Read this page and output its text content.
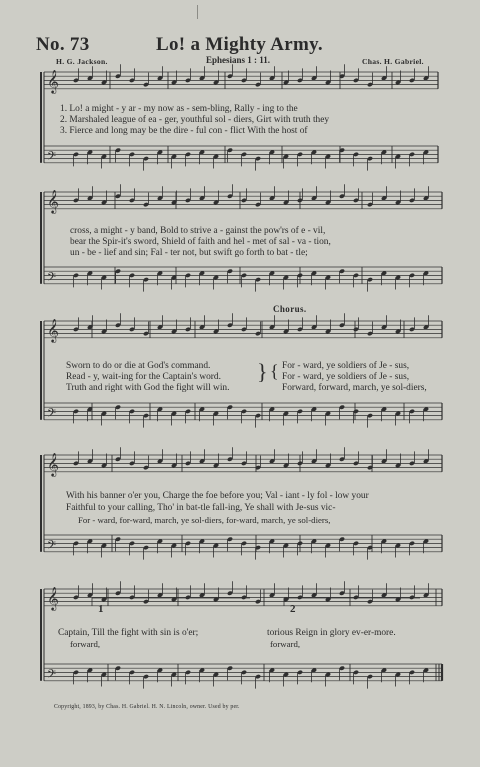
No. 73	Lo! a Mighty Army.
H. G. Jackson.	Ephesians 1 : 11.	Chas. H. Gabriel.
𝄞
𝄢
𝄞
𝄢
𝄞
𝄢
𝄞
𝄢
𝄞
𝄢
1. Lo! a might - y ar - my now as - sem-bling, Rally - ing to the
2. Marshaled league of ea - ger, youthful sol - diers, Girt with truth they
3. Fierce and long may be the dire - ful con - flict With the host of
cross, a might - y band, Bold to strive a - gainst the pow'rs of e - vil,
bear the Spir-it's sword, Shield of faith and hel - met of sal - va - tion,
un - be - lief and sin; Fal - ter not, but swift go forth to bat - tle;
Chorus.
Sworn to do or die at God's command.
Read - y, wait-ing for the Captain's word.
Truth and right with God the fight will win.
} { For - ward, ye soldiers of Je - sus,
For - ward, ye soldiers of Je - sus,
Forward, forward, march, ye sol-diers,
With his banner o'er you, Charge the foe before you; Val - iant - ly fol - low your
Faithful to your calling, Tho' in bat-tle fall-ing, Ye shall with Je-sus vic-
For - ward, for-ward, march, ye sol-diers, for-ward, march, ye sol-diers,
1	2
Captain, Till the fight with sin is o'er;	torious Reign in glory ev-er-more.
forward,	forward,
Copyright, 1893, by Chas. H. Gabriel. H. N. Lincoln, owner. Used by per.
